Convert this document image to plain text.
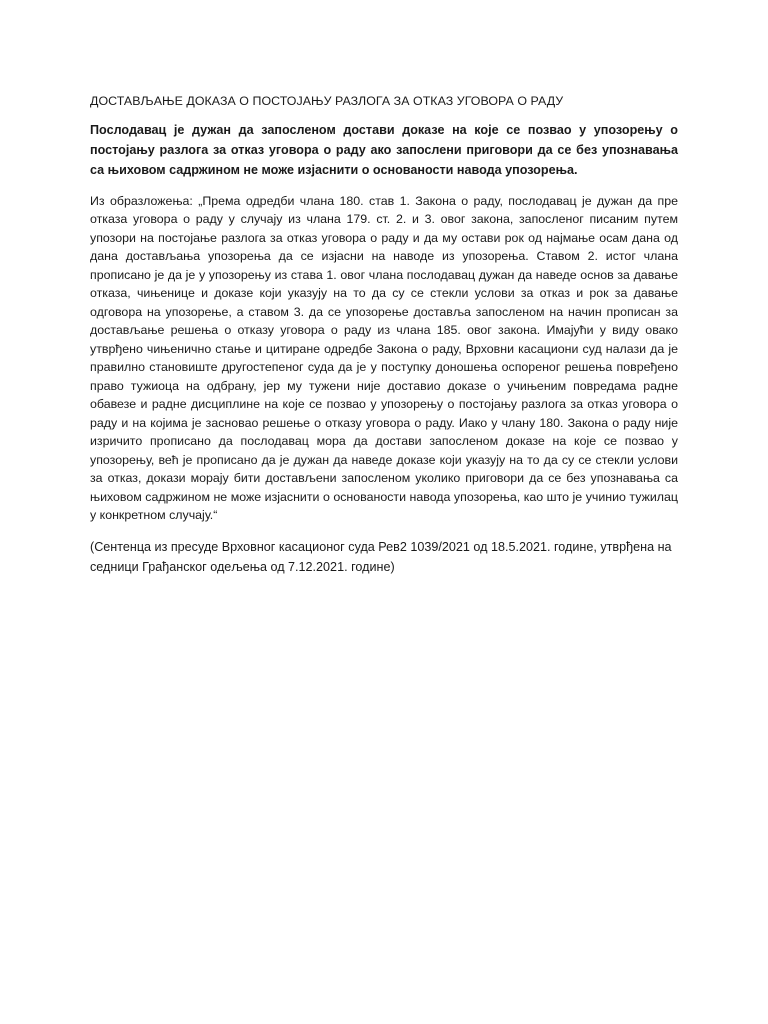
ДОСТАВЉАЊЕ ДОКАЗА О ПОСТОЈАЊУ РАЗЛОГА ЗА ОТКАЗ УГОВОРА О РАДУ

Послодавац је дужан да запосленом достави доказе на које се позвао у упозорењу о постојању разлога за отказ уговора о раду ако запослени приговори да се без упознавања са њиховом садржином не може изјаснити о основаности навода упозорења.

Из образложења: „Према одредби члана 180. став 1. Закона о раду, послодавац је дужан да пре отказа уговора о раду у случају из члана 179. ст. 2. и 3. овог закона, запосленог писаним путем упозори на постојање разлога за отказ уговора о раду и да му остави рок од најмање осам дана од дана достављања упозорења да се изјасни на наводе из упозорења. Ставом 2. истог члана прописано је да је у упозорењу из става 1. овог члана послодавац дужан да наведе основ за давање отказа, чињенице и доказе који указују на то да су се стекли услови за отказ и рок за давање одговора на упозорење, а ставом 3. да се упозорење доставља запосленом на начин прописан за достављање решења о отказу уговора о раду из члана 185. овог закона. Имајући у виду овако утврђено чињенично стање и цитиране одредбе Закона о раду, Врховни касациони суд налази да је правилно становиште другостепеног суда да је у поступку доношења оспореног решења повређено право тужиоца на одбрану, јер му тужени није доставио доказе о учињеним повредама радне обавезе и радне дисциплине на које се позвао у упозорењу о постојању разлога за отказ уговора о раду и на којима је засновао решење о отказу уговора о раду. Иако у члану 180. Закона о раду није изричито прописано да послодавац мора да достави запосленом доказе на које се позвао у упозорењу, већ је прописано да је дужан да наведе доказе који указују на то да су се стекли услови за отказ, докази морају бити достављени запосленом уколико приговори да се без упознавања са њиховом садржином не може изјаснити о основаности навода упозорења, као што је учинио тужилац у конкретном случају.“

(Сентенца из пресуде Врховног касационог суда Рев2 1039/2021 од 18.5.2021. године, утврђена на седници Грађанског одељења од 7.12.2021. године)
